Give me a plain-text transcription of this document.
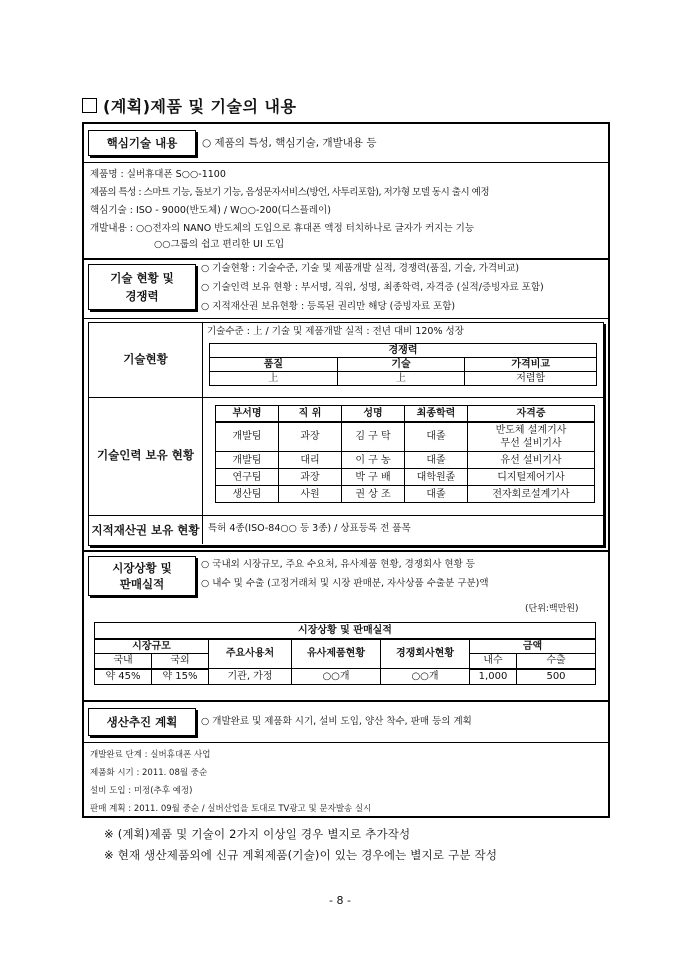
(계획)제품 및 기술의 내용
핵심기술 내용	○ 제품의 특성, 핵심기술, 개발내용 등
제품명 : 실버휴대폰 S○○-1100
제품의 특성 : 스마트 기능, 돌보기 기능, 음성문자서비스(방언, 사투리포함), 저가형 모델 동시 출시 예정
핵심기술 : ISO - 9000(반도체) / W○○-200(디스플레이)
개발내용 : ○○전자의 NANO 반도체의 도입으로 휴대폰 액정 터치하나로 글자가 커지는 기능
○○그룹의 쉽고 편리한 UI 도입
기술 현황 및
경쟁력
○ 기술현황 : 기술수준, 기술 및 제품개발 실적, 경쟁력(품질, 기술, 가격비교)
○ 기술인력 보유 현황 : 부서명, 직위, 성명, 최종학력, 자격증 (실적/증빙자료 포함)
○ 지적재산권 보유현황 : 등록된 권리만 해당 (증빙자료 포함)
기술현황
기술수준 : 上 / 기술 및 제품개발 실적 : 전년 대비 120% 성장
경쟁력		
품질	기술	가격비교
上	上	저렴함
기술인력 보유 현황
부서명	직 위	성명	최종학력	자격증
개발팀	과장	김 구 탁	대졸	반도체 설계기사
무선 설비기사

개발팀	대리	이 구 농	대졸	유선 설비기사
연구팀	과장	박 구 배	대학원졸	디지털제어기사
생산팀	사원	권 상 조	대졸	전자회로설계기사
지적재산권 보유 현황 특허 4종(ISO-84○○ 등 3종) / 상표등록 전 품목
시장상황 및
판매실적
○ 국내외 시장규모, 주요 수요처, 유사제품 현황, 경쟁회사 현황 등
○ 내수 및 수출 (고정거래처 및 시장 판매분, 자사상품 수출분 구분)액
(단위:백만원)
시장상황 및 판매실적						
시장규모		주요사용처	유사제품현황	경쟁회사현황	금액	
국내	국외				내수	수출
약 45%	약 15%	기관, 가정	○○개	○○개	1,000	500
생산추진 계획	○ 개발완료 및 제품화 시기, 설비 도입, 양산 착수, 판매 등의 계획
개발완료 단계 : 실버휴대폰 사업
제품화 시기 : 2011. 08월 중순
설비 도입 : 미정(추후 예정)
판매 계획 : 2011. 09월 중순 / 실버산업을 토대로 TV광고 및 문자발송 실시
※ (계획)제품 및 기술이 2가지 이상일 경우 별지로 추가작성
※ 현재 생산제품외에 신규 계획제품(기술)이 있는 경우에는 별지로 구분 작성
- 8 -
